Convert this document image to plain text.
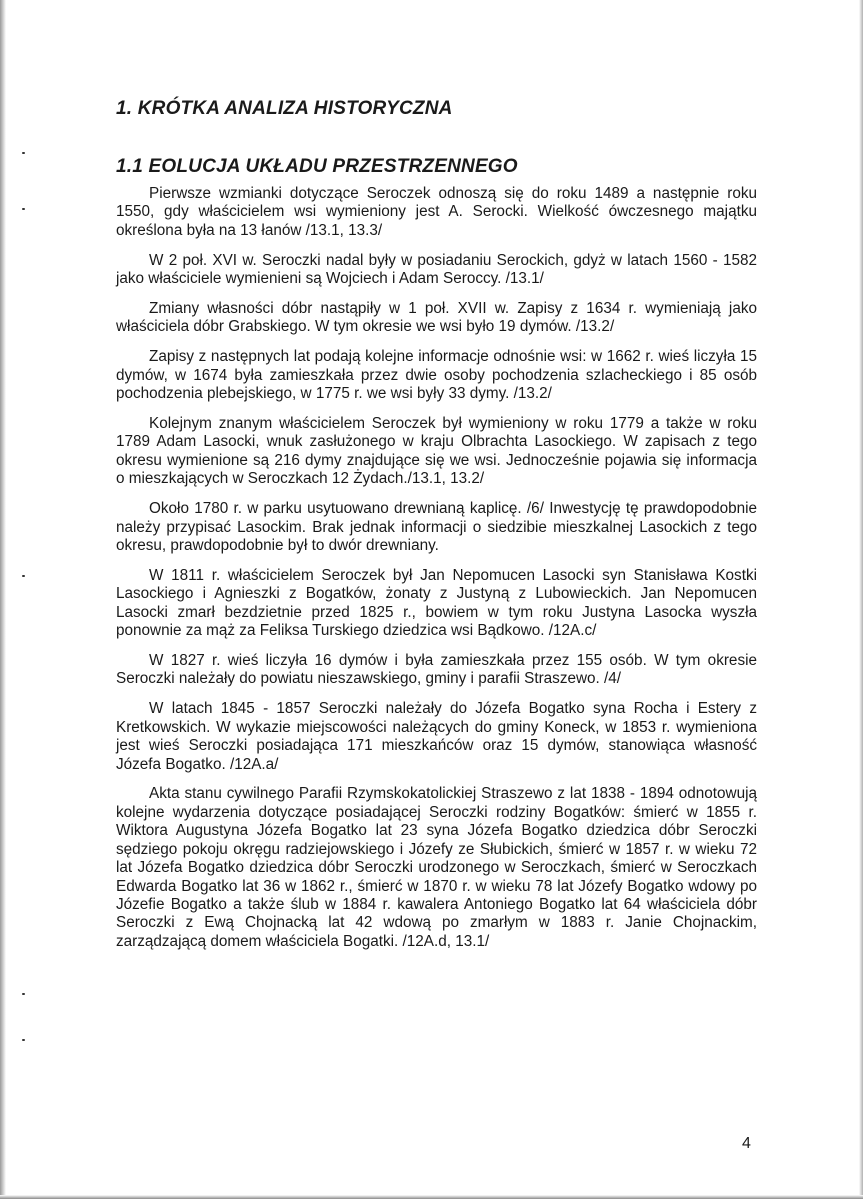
1. KRÓTKA ANALIZA HISTORYCZNA
1.1 EOLUCJA UKŁADU PRZESTRZENNEGO

Pierwsze wzmianki dotyczące Seroczek odnoszą się do roku 1489 a następnie roku 1550, gdy właścicielem wsi wymieniony jest A. Serocki. Wielkość ówczesnego majątku określona była na 13 łanów /13.1, 13.3/

W 2 poł. XVI w. Seroczki nadal były w posiadaniu Serockich, gdyż w latach 1560 - 1582 jako właściciele wymienieni są Wojciech i Adam Seroccy. /13.1/

Zmiany własności dóbr nastąpiły w 1 poł. XVII w. Zapisy z 1634 r. wymieniają jako właściciela dóbr Grabskiego. W tym okresie we wsi było 19 dymów. /13.2/

Zapisy z następnych lat podają kolejne informacje odnośnie wsi: w 1662 r. wieś liczyła 15 dymów, w 1674 była zamieszkała przez dwie osoby pochodzenia szlacheckiego i 85 osób pochodzenia plebejskiego, w 1775 r. we wsi były 33 dymy. /13.2/

Kolejnym znanym właścicielem Seroczek był wymieniony w roku 1779 a także w roku 1789 Adam Lasocki, wnuk zasłużonego w kraju Olbrachta Lasockiego. W zapisach z tego okresu wymienione są 216 dymy znajdujące się we wsi. Jednocześnie pojawia się informacja o mieszkających w Seroczkach 12 Żydach./13.1, 13.2/

Około 1780 r. w parku usytuowano drewnianą kaplicę. /6/ Inwestycję tę prawdopodobnie należy przypisać Lasockim. Brak jednak informacji o siedzibie mieszkalnej Lasockich z tego okresu, prawdopodobnie był to dwór drewniany.

W 1811 r. właścicielem Seroczek był Jan Nepomucen Lasocki syn Stanisława Kostki Lasockiego i Agnieszki z Bogatków, żonaty z Justyną z Lubowieckich. Jan Nepomucen Lasocki zmarł bezdzietnie przed 1825 r., bowiem w tym roku Justyna Lasocka wyszła ponownie za mąż za Feliksa Turskiego dziedzica wsi Bądkowo. /12A.c/

W 1827 r. wieś liczyła 16 dymów i była zamieszkała przez 155 osób. W tym okresie Seroczki należały do powiatu nieszawskiego, gminy i parafii Straszewo. /4/

W latach 1845 - 1857 Seroczki należały do Józefa Bogatko syna Rocha i Estery z Kretkowskich. W wykazie miejscowości należących do gminy Koneck, w 1853 r. wymieniona jest wieś Seroczki posiadająca 171 mieszkańców oraz 15 dymów, stanowiąca własność Józefa Bogatko. /12A.a/

Akta stanu cywilnego Parafii Rzymskokatolickiej Straszewo z lat 1838 - 1894 odnotowują kolejne wydarzenia dotyczące posiadającej Seroczki rodziny Bogatków: śmierć w 1855 r. Wiktora Augustyna Józefa Bogatko lat 23 syna Józefa Bogatko dziedzica dóbr Seroczki sędziego pokoju okręgu radziejowskiego i Józefy ze Słubickich, śmierć w 1857 r. w wieku 72 lat Józefa Bogatko dziedzica dóbr Seroczki urodzonego w Seroczkach, śmierć w Seroczkach Edwarda Bogatko lat 36 w 1862 r., śmierć w 1870 r. w wieku 78 lat Józefy Bogatko wdowy po Józefie Bogatko a także ślub w 1884 r. kawalera Antoniego Bogatko lat 64 właściciela dóbr Seroczki z Ewą Chojnacką lat 42 wdową po zmarłym w 1883 r. Janie Chojnackim, zarządzającą domem właściciela Bogatki. /12A.d, 13.1/

4
